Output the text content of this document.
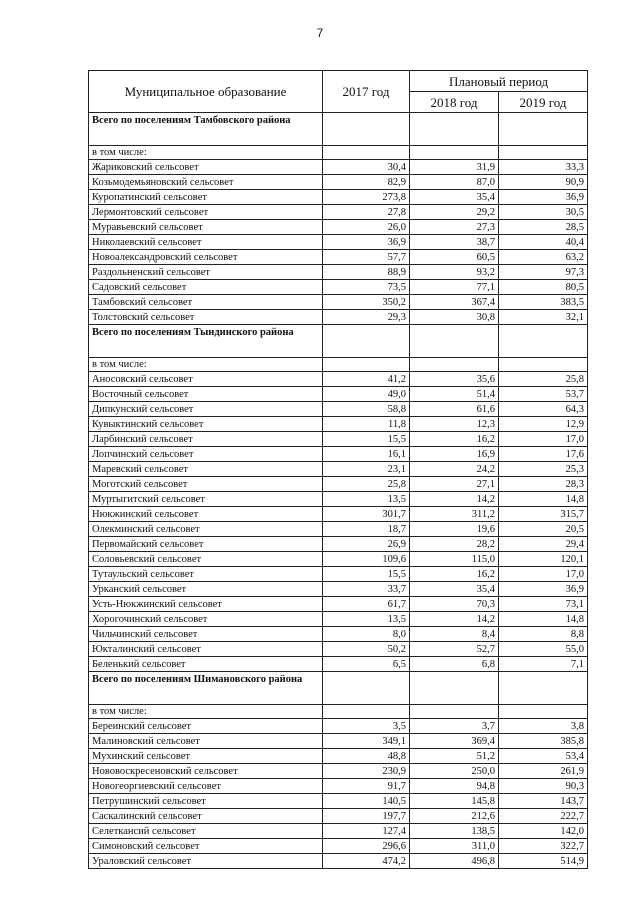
7
Муниципальное образование	2017 год	Плановый период	
		2018 год	2019 год
Всего по поселениям Тамбовского района			
в том числе:			
Жариковский сельсовет	30,4	31,9	33,3
Козьмодемьяновский сельсовет	82,9	87,0	90,9
Куропатинский сельсовет	273,8	35,4	36,9
Лермонтовский сельсовет	27,8	29,2	30,5
Муравьевский сельсовет	26,0	27,3	28,5
Николаевский сельсовет	36,9	38,7	40,4
Новоалександровский сельсовет	57,7	60,5	63,2
Раздольненский сельсовет	88,9	93,2	97,3
Садовский сельсовет	73,5	77,1	80,5
Тамбовский сельсовет	350,2	367,4	383,5
Толстовский сельсовет	29,3	30,8	32,1
Всего по поселениям Тындинского района			
в том числе:			
Аносовский сельсовет	41,2	35,6	25,8
Восточный сельсовет	49,0	51,4	53,7
Дипкунский сельсовет	58,8	61,6	64,3
Кувыктинский сельсовет	11,8	12,3	12,9
Ларбинский сельсовет	15,5	16,2	17,0
Лопчинский сельсовет	16,1	16,9	17,6
Маревский сельсовет	23,1	24,2	25,3
Моготский сельсовет	25,8	27,1	28,3
Муртыгитский сельсовет	13,5	14,2	14,8
Нюкжинский сельсовет	301,7	311,2	315,7
Олекминский сельсовет	18,7	19,6	20,5
Первомайский сельсовет	26,9	28,2	29,4
Соловьевский сельсовет	109,6	115,0	120,1
Тутаульский сельсовет	15,5	16,2	17,0
Урканский сельсовет	33,7	35,4	36,9
Усть-Нюкжинский сельсовет	61,7	70,3	73,1
Хорогочинский сельсовет	13,5	14,2	14,8
Чильчинский сельсовет	8,0	8,4	8,8
Юкталинский сельсовет	50,2	52,7	55,0
Беленький сельсовет	6,5	6,8	7,1
Всего по поселениям Шимановского района			
в том числе:			
Береинский сельсовет	3,5	3,7	3,8
Малиновский сельсовет	349,1	369,4	385,8
Мухинский сельсовет	48,8	51,2	53,4
Нововоскресеновский сельсовет	230,9	250,0	261,9
Новогеоргиевский сельсовет	91,7	94,8	90,3
Петрушинский сельсовет	140,5	145,8	143,7
Саскалинский сельсовет	197,7	212,6	222,7
Селеткансий сельсовет	127,4	138,5	142,0
Симоновский сельсовет	296,6	311,0	322,7
Ураловский сельсовет	474,2	496,8	514,9
